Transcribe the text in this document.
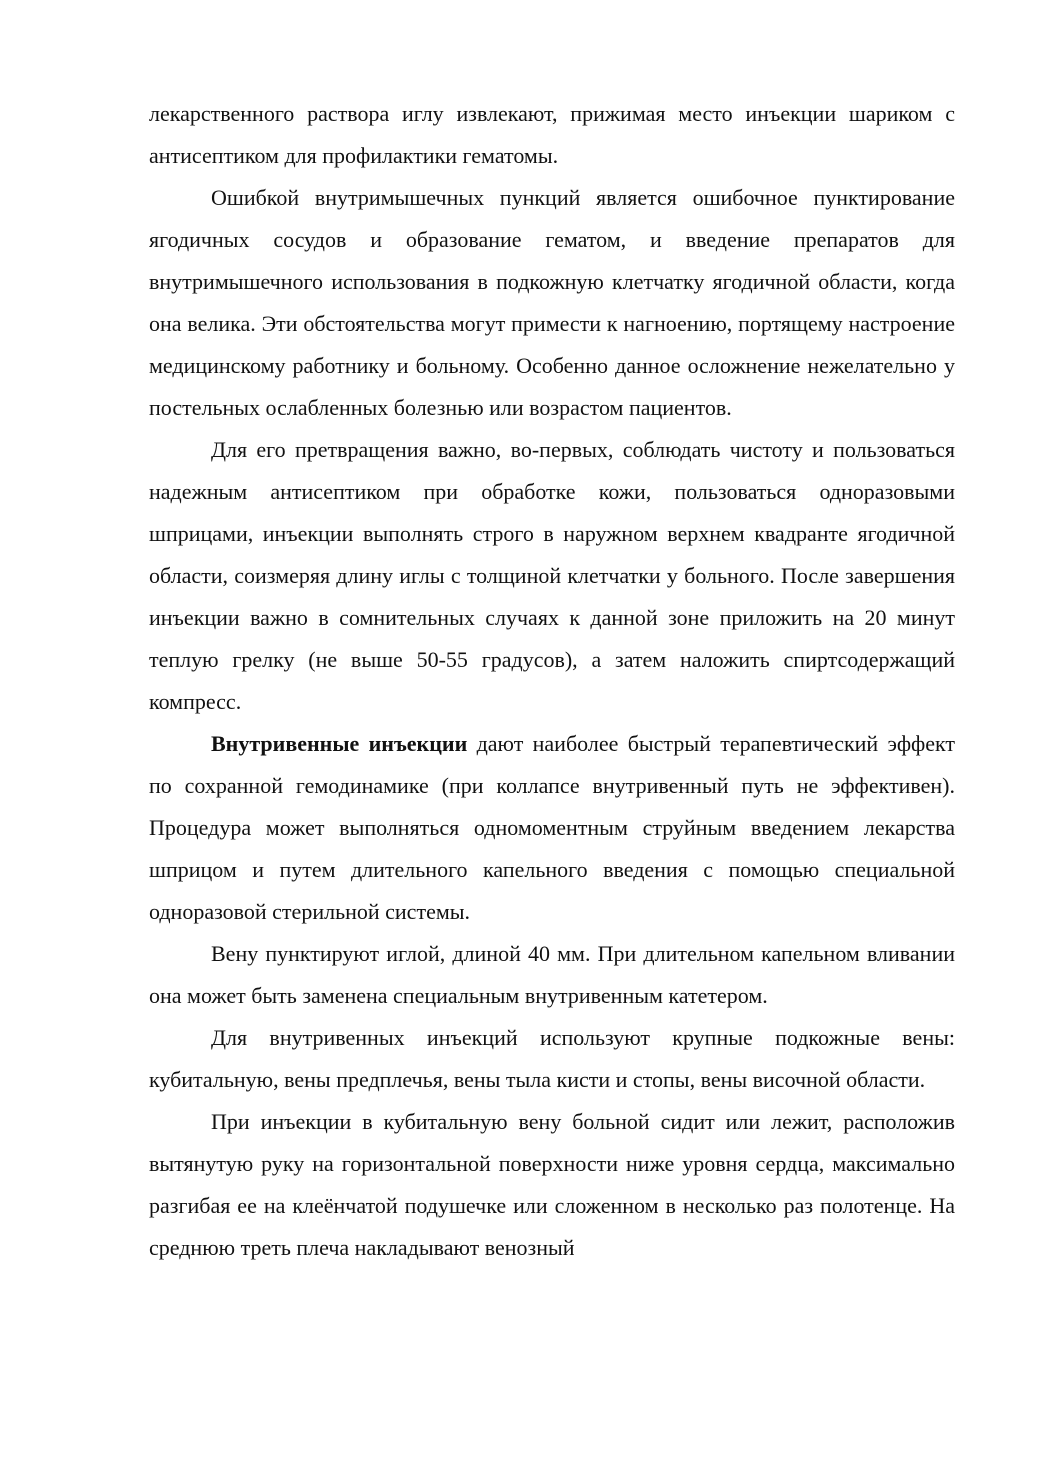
лекарственного раствора иглу извлекают, прижимая место инъекции шариком с антисептиком для профилактики гематомы.

Ошибкой внутримышечных пункций является ошибочное пунктирование ягодичных сосудов и образование гематом, и введение препаратов для внутримышечного использования в подкожную клетчатку ягодичной области, когда она велика. Эти обстоятельства могут примести к нагноению, портящему настроение медицинскому работнику и больному. Особенно данное осложнение нежелательно у постельных ослабленных болезнью или возрастом пациентов.

Для его претвращения важно, во-первых, соблюдать чистоту и пользоваться надежным антисептиком при обработке кожи, пользоваться одноразовыми шприцами, инъекции выполнять строго в наружном верхнем квадранте ягодичной области, соизмеряя длину иглы с толщиной клетчатки у больного. После завершения инъекции важно в сомнительных случаях к данной зоне приложить на 20 минут теплую грелку (не выше 50-55 градусов), а затем наложить спиртсодержащий компресс.

Внутривенные инъекции дают наиболее быстрый терапевтический эффект по сохранной гемодинамике (при коллапсе внутривенный путь не эффективен). Процедура может выполняться одномоментным струйным введением лекарства шприцом и путем длительного капельного введения с помощью специальной одноразовой стерильной системы.

Вену пунктируют иглой, длиной 40 мм. При длительном капельном вливании она может быть заменена специальным внутривенным катетером.

Для внутривенных инъекций используют крупные подкожные вены: кубитальную, вены предплечья, вены тыла кисти и стопы, вены височной области.

При инъекции в кубитальную вену больной сидит или лежит, расположив вытянутую руку на горизонтальной поверхности ниже уровня сердца, максимально разгибая ее на клеёнчатой подушечке или сложенном в несколько раз полотенце. На среднюю треть плеча накладывают венозный
